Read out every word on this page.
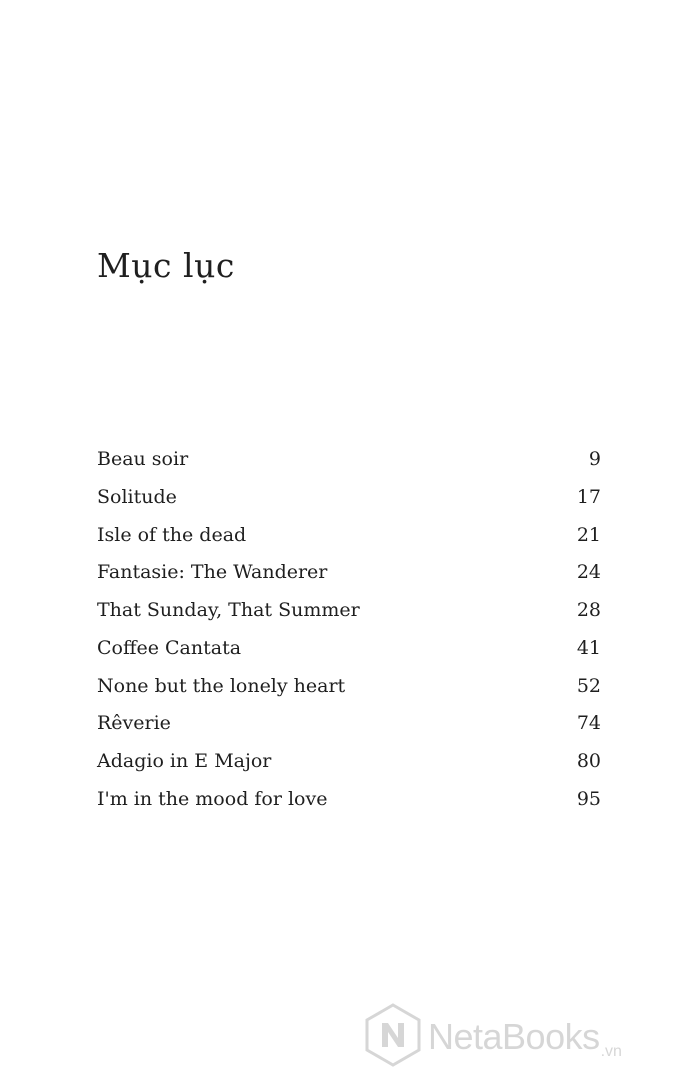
Mục lục
Beau soir	9
Solitude	17
Isle of the dead	21
Fantasie: The Wanderer	24
That Sunday, That Summer	28
Coffee Cantata	41
None but the lonely heart	52
Rêverie	74
Adagio in E Major	80
I'm in the mood for love	95
NetaBooks .vn
